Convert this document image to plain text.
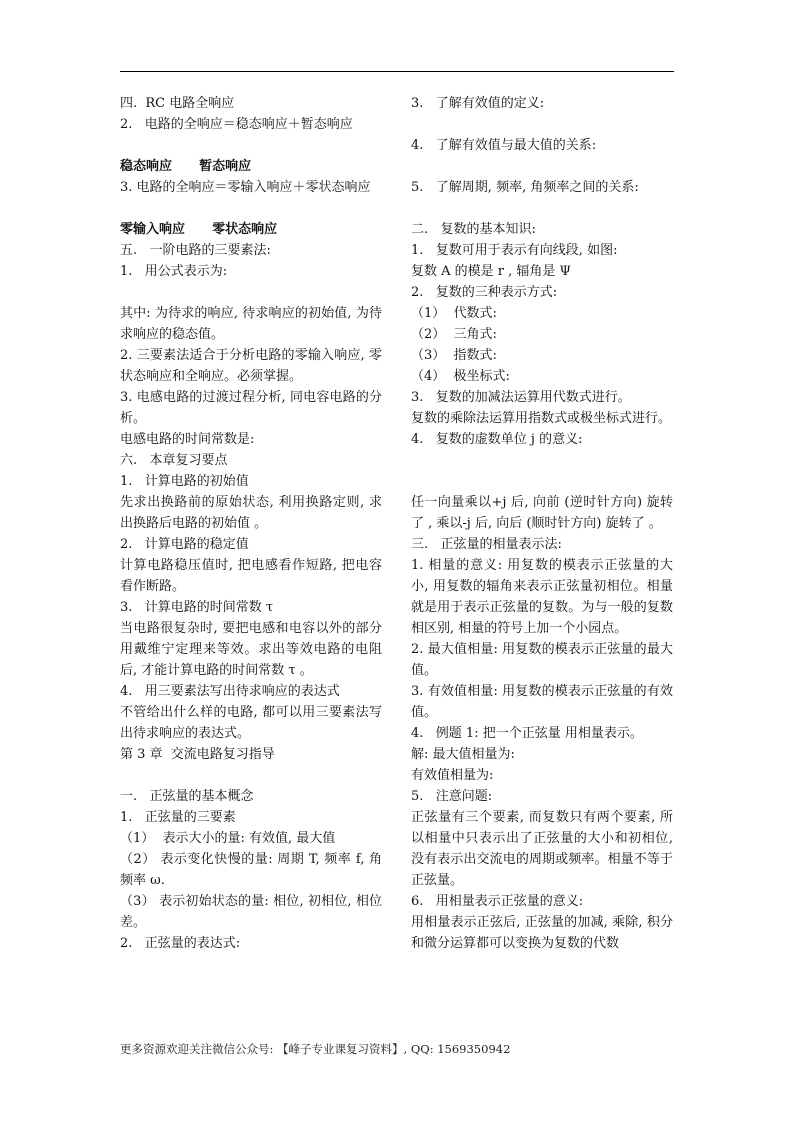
四.  RC 电路全响应

2.   电路的全响应＝稳态响应＋暂态响应

稳态响应      暂态响应

3. 电路的全响应＝零输入响应＋零状态响应

零输入响应      零状态响应

五.   一阶电路的三要素法:

1.   用公式表示为:

其中: 为待求的响应, 待求响应的初始值, 为待求响应的稳态值。

2. 三要素法适合于分析电路的零输入响应, 零状态响应和全响应。必须掌握。

3. 电感电路的过渡过程分析, 同电容电路的分析。

电感电路的时间常数是:

六.   本章复习要点

1.   计算电路的初始值

先求出换路前的原始状态, 利用换路定则, 求出换路后电路的初始值 。

2.   计算电路的稳定值

计算电路稳压值时, 把电感看作短路, 把电容看作断路。

3.   计算电路的时间常数 τ

当电路很复杂时, 要把电感和电容以外的部分用戴维宁定理来等效。求出等效电路的电阻后, 才能计算电路的时间常数 τ 。

4.   用三要素法写出待求响应的表达式

不管给出什么样的电路, 都可以用三要素法写出待求响应的表达式。

第 3 章  交流电路复习指导

一.   正弦量的基本概念

1.   正弦量的三要素

（1）  表示大小的量: 有效值, 最大值

（2） 表示变化快慢的量: 周期 T, 频率 f, 角频率 ω.

（3） 表示初始状态的量: 相位, 初相位, 相位差。

2.   正弦量的表达式:

3.   了解有效值的定义:

4.   了解有效值与最大值的关系:

5.   了解周期, 频率, 角频率之间的关系:

二.   复数的基本知识:

1.   复数可用于表示有向线段, 如图:

复数 A 的模是 r , 辐角是 Ψ

2.   复数的三种表示方式:

（1）  代数式:

（2）  三角式:

（3）  指数式:

（4）  极坐标式:

3.   复数的加减法运算用代数式进行。

复数的乘除法运算用指数式或极坐标式进行。

4.   复数的虚数单位 j 的意义:

任一向量乘以+j 后, 向前 (逆时针方向) 旋转了 , 乘以-j 后, 向后 (顺时针方向) 旋转了 。

三.   正弦量的相量表示法:

1. 相量的意义: 用复数的模表示正弦量的大小, 用复数的辐角来表示正弦量初相位。相量就是用于表示正弦量的复数。为与一般的复数相区别, 相量的符号上加一个小园点。

2. 最大值相量: 用复数的模表示正弦量的最大值。

3. 有效值相量: 用复数的模表示正弦量的有效值。

4.   例题 1: 把一个正弦量 用相量表示。

解: 最大值相量为:

有效值相量为:

5.   注意问题:

正弦量有三个要素, 而复数只有两个要素, 所以相量中只表示出了正弦量的大小和初相位, 没有表示出交流电的周期或频率。相量不等于正弦量。

6.   用相量表示正弦量的意义:

用相量表示正弦后, 正弦量的加减, 乘除, 积分和微分运算都可以变换为复数的代数

更多资源欢迎关注微信公众号: 【峰子专业课复习资料】, QQ: 1569350942
